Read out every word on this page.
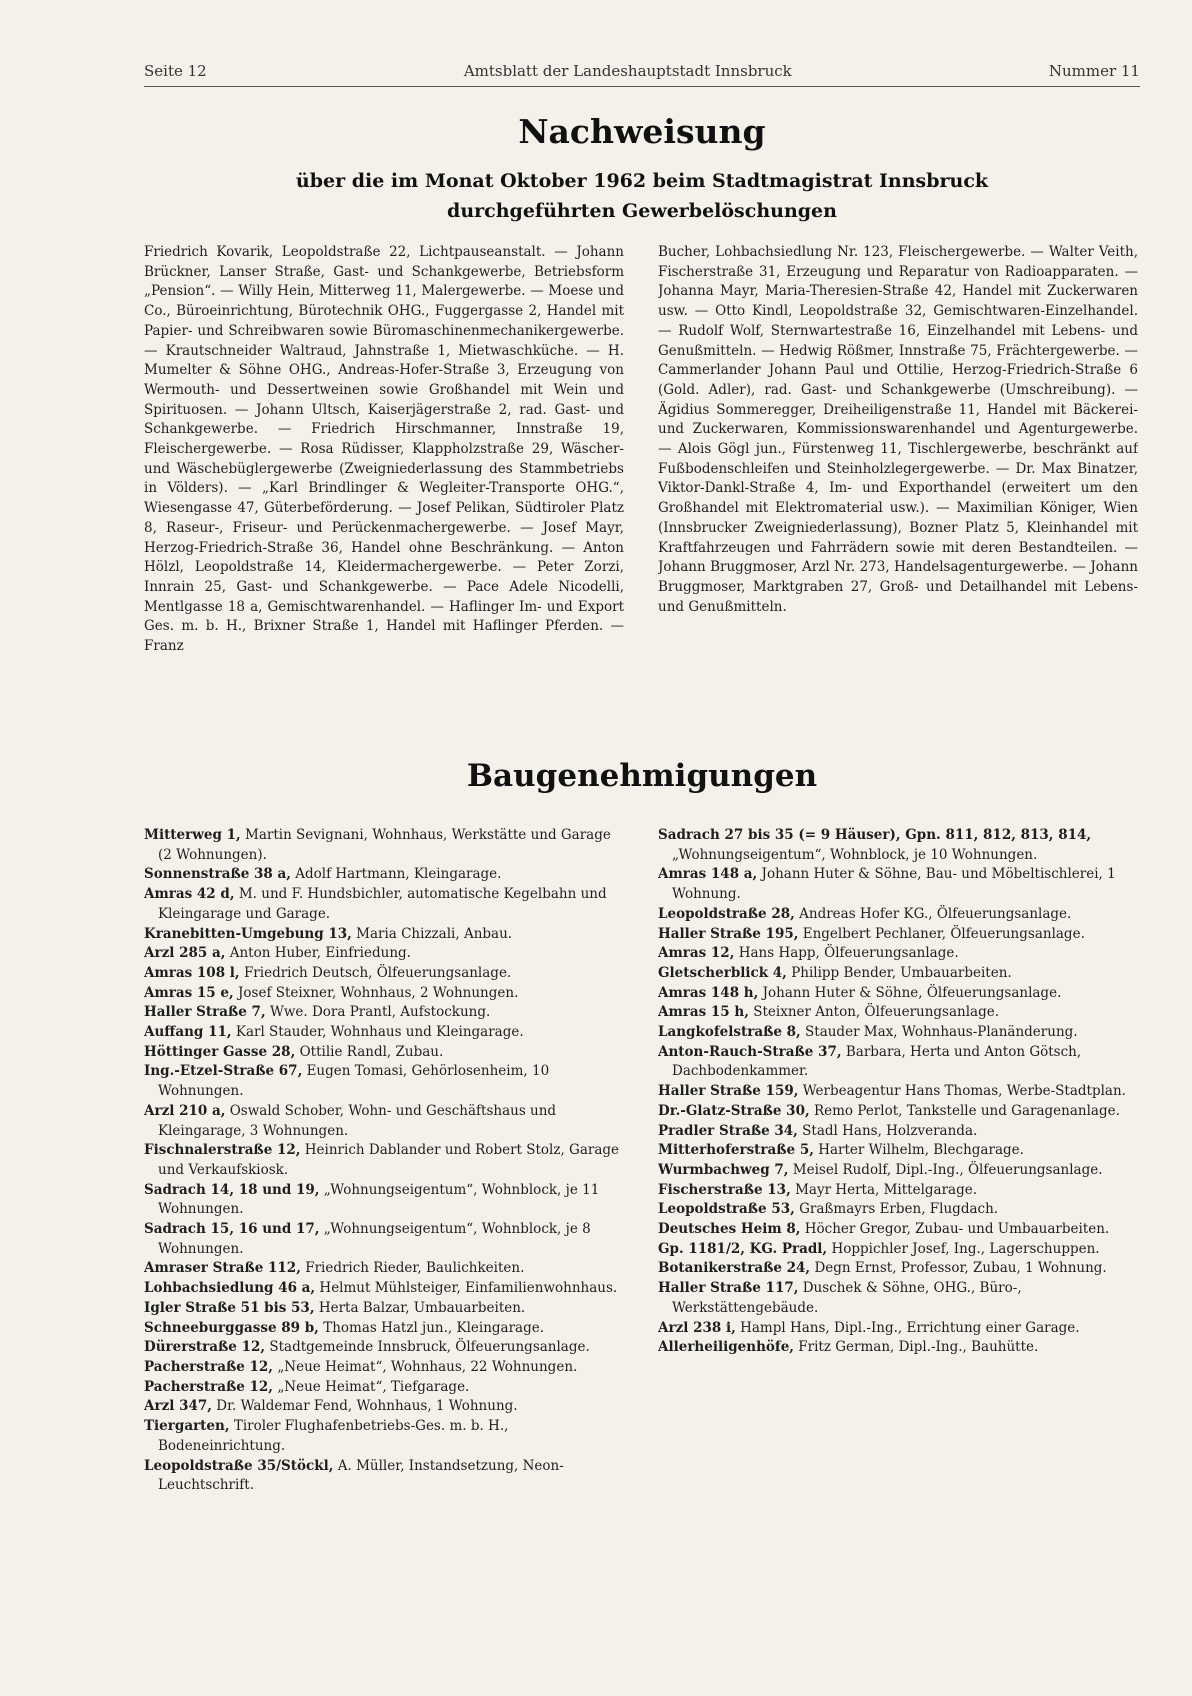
Seite 12	Amtsblatt der Landeshauptstadt Innsbruck	Nummer 11
Nachweisung
über die im Monat Oktober 1962 beim Stadtmagistrat Innsbruck
durchgeführten Gewerbelöschungen

Friedrich Kovarik, Leopoldstraße 22, Lichtpauseanstalt. — Johann Brückner, Lanser Straße, Gast- und Schankgewerbe, Betriebsform „Pension“. — Willy Hein, Mitterweg 11, Malergewerbe. — Moese und Co., Büroeinrichtung, Bürotechnik OHG., Fuggergasse 2, Handel mit Papier- und Schreibwaren sowie Büromaschinenmechanikergewerbe. — Krautschneider Waltraud, Jahnstraße 1, Mietwaschküche. — H. Mumelter & Söhne OHG., Andreas-Hofer-Straße 3, Erzeugung von Wermouth- und Dessertweinen sowie Großhandel mit Wein und Spirituosen. — Johann Ultsch, Kaiserjägerstraße 2, rad. Gast- und Schankgewerbe. — Friedrich Hirschmanner, Innstraße 19, Fleischergewerbe. — Rosa Rüdisser, Klappholzstraße 29, Wäscher- und Wäschebüglergewerbe (Zweigniederlassung des Stammbetriebs in Völders). — „Karl Brindlinger & Wegleiter-Transporte OHG.“, Wiesengasse 47, Güterbeförderung. — Josef Pelikan, Südtiroler Platz 8, Raseur-, Friseur- und Perückenmachergewerbe. — Josef Mayr, Herzog-Friedrich-Straße 36, Handel ohne Beschränkung. — Anton Hölzl, Leopoldstraße 14, Kleidermachergewerbe. — Peter Zorzi, Innrain 25, Gast- und Schankgewerbe. — Pace Adele Nicodelli, Mentlgasse 18 a, Gemischtwarenhandel. — Haflinger Im- und Export Ges. m. b. H., Brixner Straße 1, Handel mit Haflinger Pferden. — Franz

Bucher, Lohbachsiedlung Nr. 123, Fleischergewerbe. — Walter Veith, Fischerstraße 31, Erzeugung und Reparatur von Radioapparaten. — Johanna Mayr, Maria-Theresien-Straße 42, Handel mit Zuckerwaren usw. — Otto Kindl, Leopoldstraße 32, Gemischtwaren-Einzelhandel. — Rudolf Wolf, Sternwartestraße 16, Einzelhandel mit Lebens- und Genußmitteln. — Hedwig Rößmer, Innstraße 75, Frächtergewerbe. — Cammerlander Johann Paul und Ottilie, Herzog-Friedrich-Straße 6 (Gold. Adler), rad. Gast- und Schankgewerbe (Umschreibung). — Ägidius Sommeregger, Dreiheiligenstraße 11, Handel mit Bäckerei- und Zuckerwaren, Kommissionswarenhandel und Agenturgewerbe. — Alois Gögl jun., Fürstenweg 11, Tischlergewerbe, beschränkt auf Fußbodenschleifen und Steinholzlegergewerbe. — Dr. Max Binatzer, Viktor-Dankl-Straße 4, Im- und Exporthandel (erweitert um den Großhandel mit Elektromaterial usw.). — Maximilian Königer, Wien (Innsbrucker Zweigniederlassung), Bozner Platz 5, Kleinhandel mit Kraftfahrzeugen und Fahrrädern sowie mit deren Bestandteilen. — Johann Bruggmoser, Arzl Nr. 273, Handelsagenturgewerbe. — Johann Bruggmoser, Marktgraben 27, Groß- und Detailhandel mit Lebens- und Genußmitteln.

Baugenehmigungen

Mitterweg 1, Martin Sevignani, Wohnhaus, Werkstätte und Garage (2 Wohnungen).

Sonnenstraße 38 a, Adolf Hartmann, Kleingarage.

Amras 42 d, M. und F. Hundsbichler, automatische Kegelbahn und Kleingarage und Garage.

Kranebitten-Umgebung 13, Maria Chizzali, Anbau.

Arzl 285 a, Anton Huber, Einfriedung.

Amras 108 l, Friedrich Deutsch, Ölfeuerungsanlage.

Amras 15 e, Josef Steixner, Wohnhaus, 2 Wohnungen.

Haller Straße 7, Wwe. Dora Prantl, Aufstockung.

Auffang 11, Karl Stauder, Wohnhaus und Kleingarage.

Höttinger Gasse 28, Ottilie Randl, Zubau.

Ing.-Etzel-Straße 67, Eugen Tomasi, Gehörlosenheim, 10 Wohnungen.

Arzl 210 a, Oswald Schober, Wohn- und Geschäftshaus und Kleingarage, 3 Wohnungen.

Fischnalerstraße 12, Heinrich Dablander und Robert Stolz, Garage und Verkaufskiosk.

Sadrach 14, 18 und 19, „Wohnungseigentum“, Wohnblock, je 11 Wohnungen.

Sadrach 15, 16 und 17, „Wohnungseigentum“, Wohnblock, je 8 Wohnungen.

Amraser Straße 112, Friedrich Rieder, Baulichkeiten.

Lohbachsiedlung 46 a, Helmut Mühlsteiger, Einfamilienwohnhaus.

Igler Straße 51 bis 53, Herta Balzar, Umbauarbeiten.

Schneeburggasse 89 b, Thomas Hatzl jun., Kleingarage.

Dürerstraße 12, Stadtgemeinde Innsbruck, Ölfeuerungsanlage.

Pacherstraße 12, „Neue Heimat“, Wohnhaus, 22 Wohnungen.

Pacherstraße 12, „Neue Heimat“, Tiefgarage.

Arzl 347, Dr. Waldemar Fend, Wohnhaus, 1 Wohnung.

Tiergarten, Tiroler Flughafenbetriebs-Ges. m. b. H., Bodeneinrichtung.

Leopoldstraße 35/Stöckl, A. Müller, Instandsetzung, Neon-Leuchtschrift.

Sadrach 27 bis 35 (= 9 Häuser), Gpn. 811, 812, 813, 814, „Wohnungseigentum“, Wohnblock, je 10 Wohnungen.

Amras 148 a, Johann Huter & Söhne, Bau- und Möbeltischlerei, 1 Wohnung.

Leopoldstraße 28, Andreas Hofer KG., Ölfeuerungsanlage.

Haller Straße 195, Engelbert Pechlaner, Ölfeuerungsanlage.

Amras 12, Hans Happ, Ölfeuerungsanlage.

Gletscherblick 4, Philipp Bender, Umbauarbeiten.

Amras 148 h, Johann Huter & Söhne, Ölfeuerungsanlage.

Amras 15 h, Steixner Anton, Ölfeuerungsanlage.

Langkofelstraße 8, Stauder Max, Wohnhaus-Planänderung.

Anton-Rauch-Straße 37, Barbara, Herta und Anton Götsch, Dachbodenkammer.

Haller Straße 159, Werbeagentur Hans Thomas, Werbe-Stadtplan.

Dr.-Glatz-Straße 30, Remo Perlot, Tankstelle und Garagenanlage.

Pradler Straße 34, Stadl Hans, Holzveranda.

Mitterhoferstraße 5, Harter Wilhelm, Blechgarage.

Wurmbachweg 7, Meisel Rudolf, Dipl.-Ing., Ölfeuerungsanlage.

Fischerstraße 13, Mayr Herta, Mittelgarage.

Leopoldstraße 53, Graßmayrs Erben, Flugdach.

Deutsches Heim 8, Höcher Gregor, Zubau- und Umbauarbeiten.

Gp. 1181/2, KG. Pradl, Hoppichler Josef, Ing., Lagerschuppen.

Botanikerstraße 24, Degn Ernst, Professor, Zubau, 1 Wohnung.

Haller Straße 117, Duschek & Söhne, OHG., Büro-, Werkstättengebäude.

Arzl 238 i, Hampl Hans, Dipl.-Ing., Errichtung einer Garage.

Allerheiligenhöfe, Fritz German, Dipl.-Ing., Bauhütte.
